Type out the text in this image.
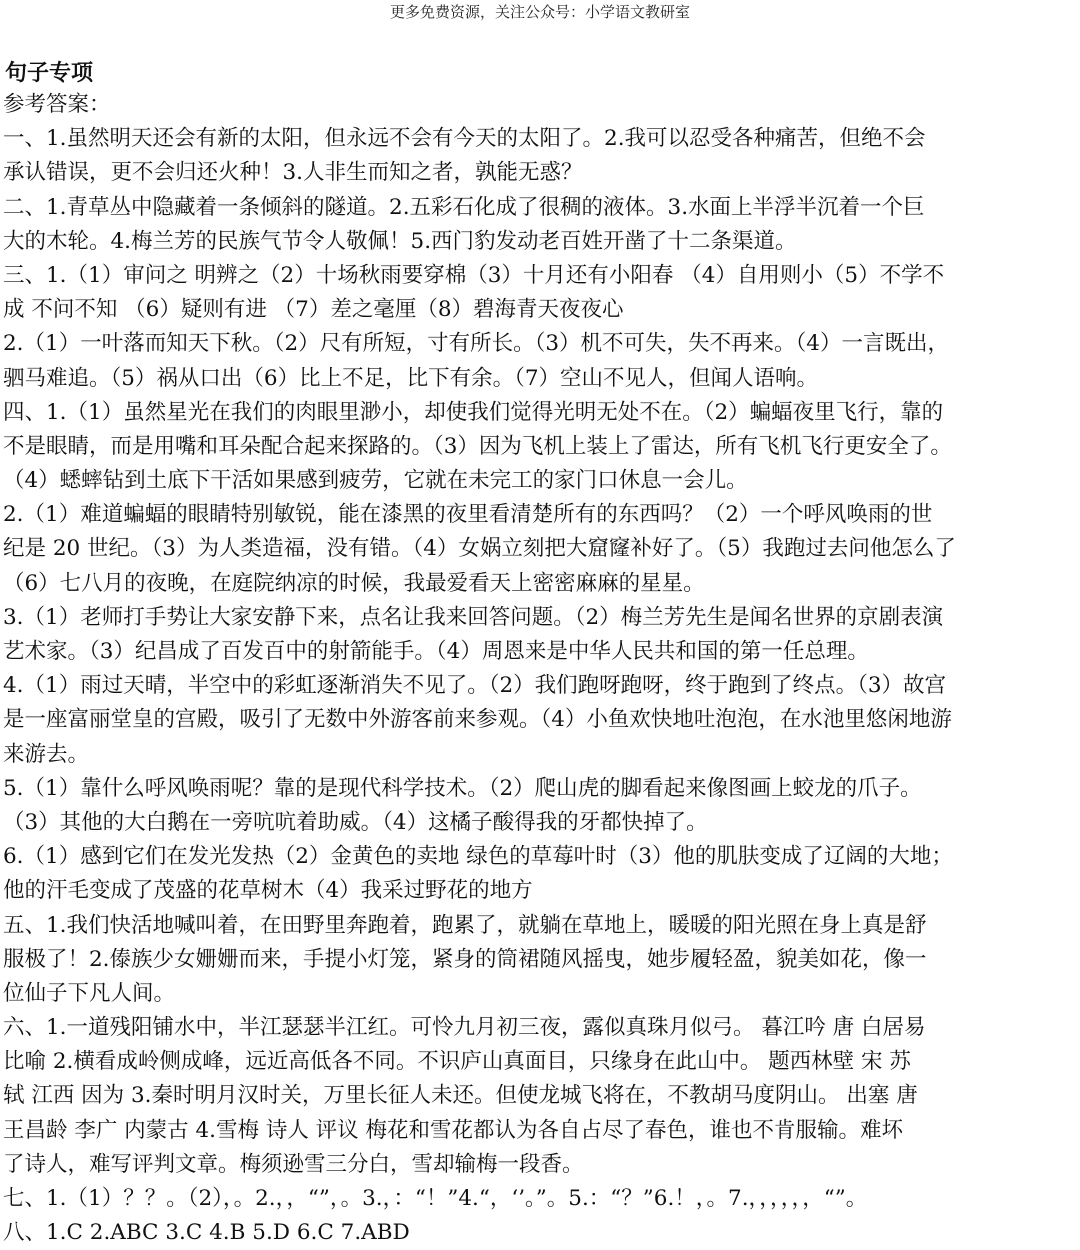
更多免费资源，关注公众号：小学语文教研室
句子专项
参考答案：
一、1.虽然明天还会有新的太阳，但永远不会有今天的太阳了。2.我可以忍受各种痛苦，但绝不会
承认错误，更不会归还火种！3.人非生而知之者，孰能无惑？
二、1.青草丛中隐藏着一条倾斜的隧道。2.五彩石化成了很稠的液体。3.水面上半浮半沉着一个巨
大的木轮。4.梅兰芳的民族气节令人敬佩！5.西门豹发动老百姓开凿了十二条渠道。
三、1.（1）审问之 明辨之（2）十场秋雨要穿棉（3）十月还有小阳春 （4）自用则小（5）不学不
成 不问不知 （6）疑则有进 （7）差之毫厘（8）碧海青天夜夜心
2.（1）一叶落而知天下秋。（2）尺有所短，寸有所长。（3）机不可失，失不再来。（4）一言既出，
驷马难追。（5）祸从口出（6）比上不足，比下有余。（7）空山不见人，但闻人语响。
四、1.（1）虽然星光在我们的肉眼里渺小，却使我们觉得光明无处不在。（2）蝙蝠夜里飞行，靠的
不是眼睛，而是用嘴和耳朵配合起来探路的。（3）因为飞机上装上了雷达，所有飞机飞行更安全了。
（4）蟋蟀钻到土底下干活如果感到疲劳，它就在未完工的家门口休息一会儿。
2.（1）难道蝙蝠的眼睛特别敏锐，能在漆黑的夜里看清楚所有的东西吗？（2）一个呼风唤雨的世
纪是 20 世纪。（3）为人类造福，没有错。（4）女娲立刻把大窟窿补好了。（5）我跑过去问他怎么了
（6）七八月的夜晚，在庭院纳凉的时候，我最爱看天上密密麻麻的星星。
3.（1）老师打手势让大家安静下来，点名让我来回答问题。（2）梅兰芳先生是闻名世界的京剧表演
艺术家。（3）纪昌成了百发百中的射箭能手。（4）周恩来是中华人民共和国的第一任总理。
4.（1）雨过天晴，半空中的彩虹逐渐消失不见了。（2）我们跑呀跑呀，终于跑到了终点。（3）故宫
是一座富丽堂皇的宫殿，吸引了无数中外游客前来参观。（4）小鱼欢快地吐泡泡，在水池里悠闲地游
来游去。
5.（1）靠什么呼风唤雨呢？靠的是现代科学技术。（2）爬山虎的脚看起来像图画上蛟龙的爪子。
（3）其他的大白鹅在一旁吭吭着助威。（4）这橘子酸得我的牙都快掉了。
6.（1）感到它们在发光发热（2）金黄色的卖地 绿色的草莓叶时（3）他的肌肤变成了辽阔的大地；
他的汗毛变成了茂盛的花草树木（4）我采过野花的地方
五、1.我们快活地喊叫着，在田野里奔跑着，跑累了，就躺在草地上，暖暖的阳光照在身上真是舒
服极了！2.傣族少女姗姗而来，手提小灯笼，紧身的筒裙随风摇曳，她步履轻盈，貌美如花，像一
位仙子下凡人间。
六、1.一道残阳铺水中，半江瑟瑟半江红。可怜九月初三夜，露似真珠月似弓。 暮江吟 唐 白居易
比喻 2.横看成岭侧成峰，远近高低各不同。不识庐山真面目，只缘身在此山中。 题西林壁 宋 苏
轼 江西 因为 3.秦时明月汉时关，万里长征人未还。但使龙城飞将在，不教胡马度阴山。 出塞 唐
王昌龄 李广 内蒙古 4.雪梅 诗人 评议 梅花和雪花都认为各自占尽了春色，谁也不肯服输。难坏
了诗人，难写评判文章。梅须逊雪三分白，雪却输梅一段香。
七、1.（1）？？。（2），。2.，，“”，。3.，：“！”4.“，‘’。”。5.：“？”6.！，。7.，，，，，，“”。
八、1.C 2.ABC 3.C 4.B 5.D 6.C 7.ABD
